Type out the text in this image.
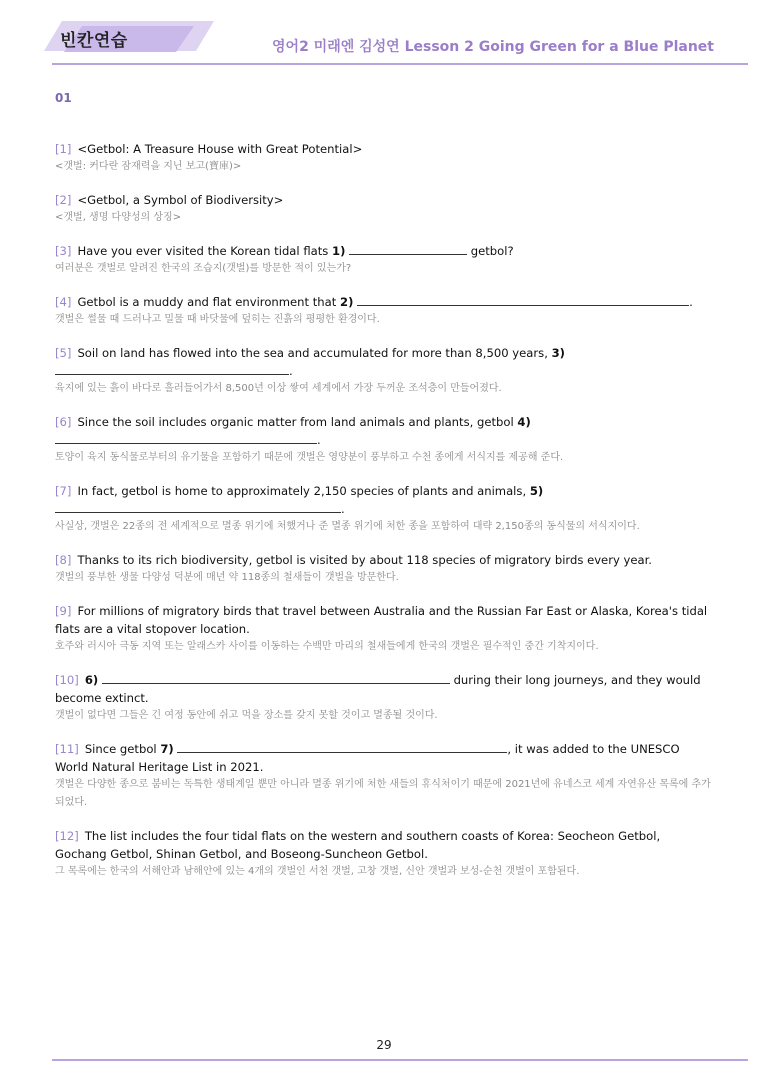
빈칸연습	영어2 미래엔 김성연 Lesson 2 Going Green for a Blue Planet
01
[1] <Getbol: A Treasure House with Great Potential>
<갯벌: 커다란 잠재력을 지닌 보고(寶庫)>
[2] <Getbol, a Symbol of Biodiversity>
<갯벌, 생명 다양성의 상징>
[3] Have you ever visited the Korean tidal flats 1)	getbol?
여러분은 갯벌로 알려진 한국의 조습지(갯벌)를 방문한 적이 있는가?
[4] Getbol is a muddy and flat environment that 2)	.
갯벌은 썰물 때 드러나고 밀물 때 바닷물에 덮히는 진흙의 평평한 환경이다.
[5] Soil on land has flowed into the sea and accumulated for more than 8,500 years, 3)
.
육지에 있는 흙이 바다로 흘러들어가서 8,500년 이상 쌓여 세계에서 가장 두꺼운 조석층이 만들어졌다.
[6] Since the soil includes organic matter from land animals and plants, getbol 4)
.
토양이 육지 동식물로부터의 유기물을 포함하기 때문에 갯벌은 영양분이 풍부하고 수천 종에게 서식지를 제공해 준다.
[7] In fact, getbol is home to approximately 2,150 species of plants and animals, 5)
.
사실상, 갯벌은 22종의 전 세계적으로 멸종 위기에 처했거나 준 멸종 위기에 처한 종을 포함하여 대략 2,150종의 동식물의 서식지이다.
[8] Thanks to its rich biodiversity, getbol is visited by about 118 species of migratory birds every year.
갯벌의 풍부한 생물 다양성 덕분에 매년 약 118종의 철새들이 갯벌을 방문한다.
[9] For millions of migratory birds that travel between Australia and the Russian Far East or Alaska, Korea's tidal flats are a vital stopover location.
호주와 러시아 극동 지역 또는 알래스카 사이를 이동하는 수백만 마리의 철새들에게 한국의 갯벌은 필수적인 중간 기착지이다.
[10] 6)	during their long journeys, and they would become extinct.
갯벌이 없다면 그들은 긴 여정 동안에 쉬고 먹을 장소를 갖지 못할 것이고 멸종될 것이다.
[11] Since getbol 7)	, it was added to the UNESCO World Natural Heritage List in 2021.
갯벌은 다양한 종으로 붐비는 독특한 생태계일 뿐만 아니라 멸종 위기에 처한 새들의 휴식처이기 때문에 2021년에 유네스코 세계 자연유산 목록에 추가되었다.
[12] The list includes the four tidal flats on the western and southern coasts of Korea: Seocheon Getbol, Gochang Getbol, Shinan Getbol, and Boseong-Suncheon Getbol.
그 목록에는 한국의 서해안과 남해안에 있는 4개의 갯벌인 서천 갯벌, 고창 갯벌, 신안 갯벌과 보성-순천 갯벌이 포함된다.
29
